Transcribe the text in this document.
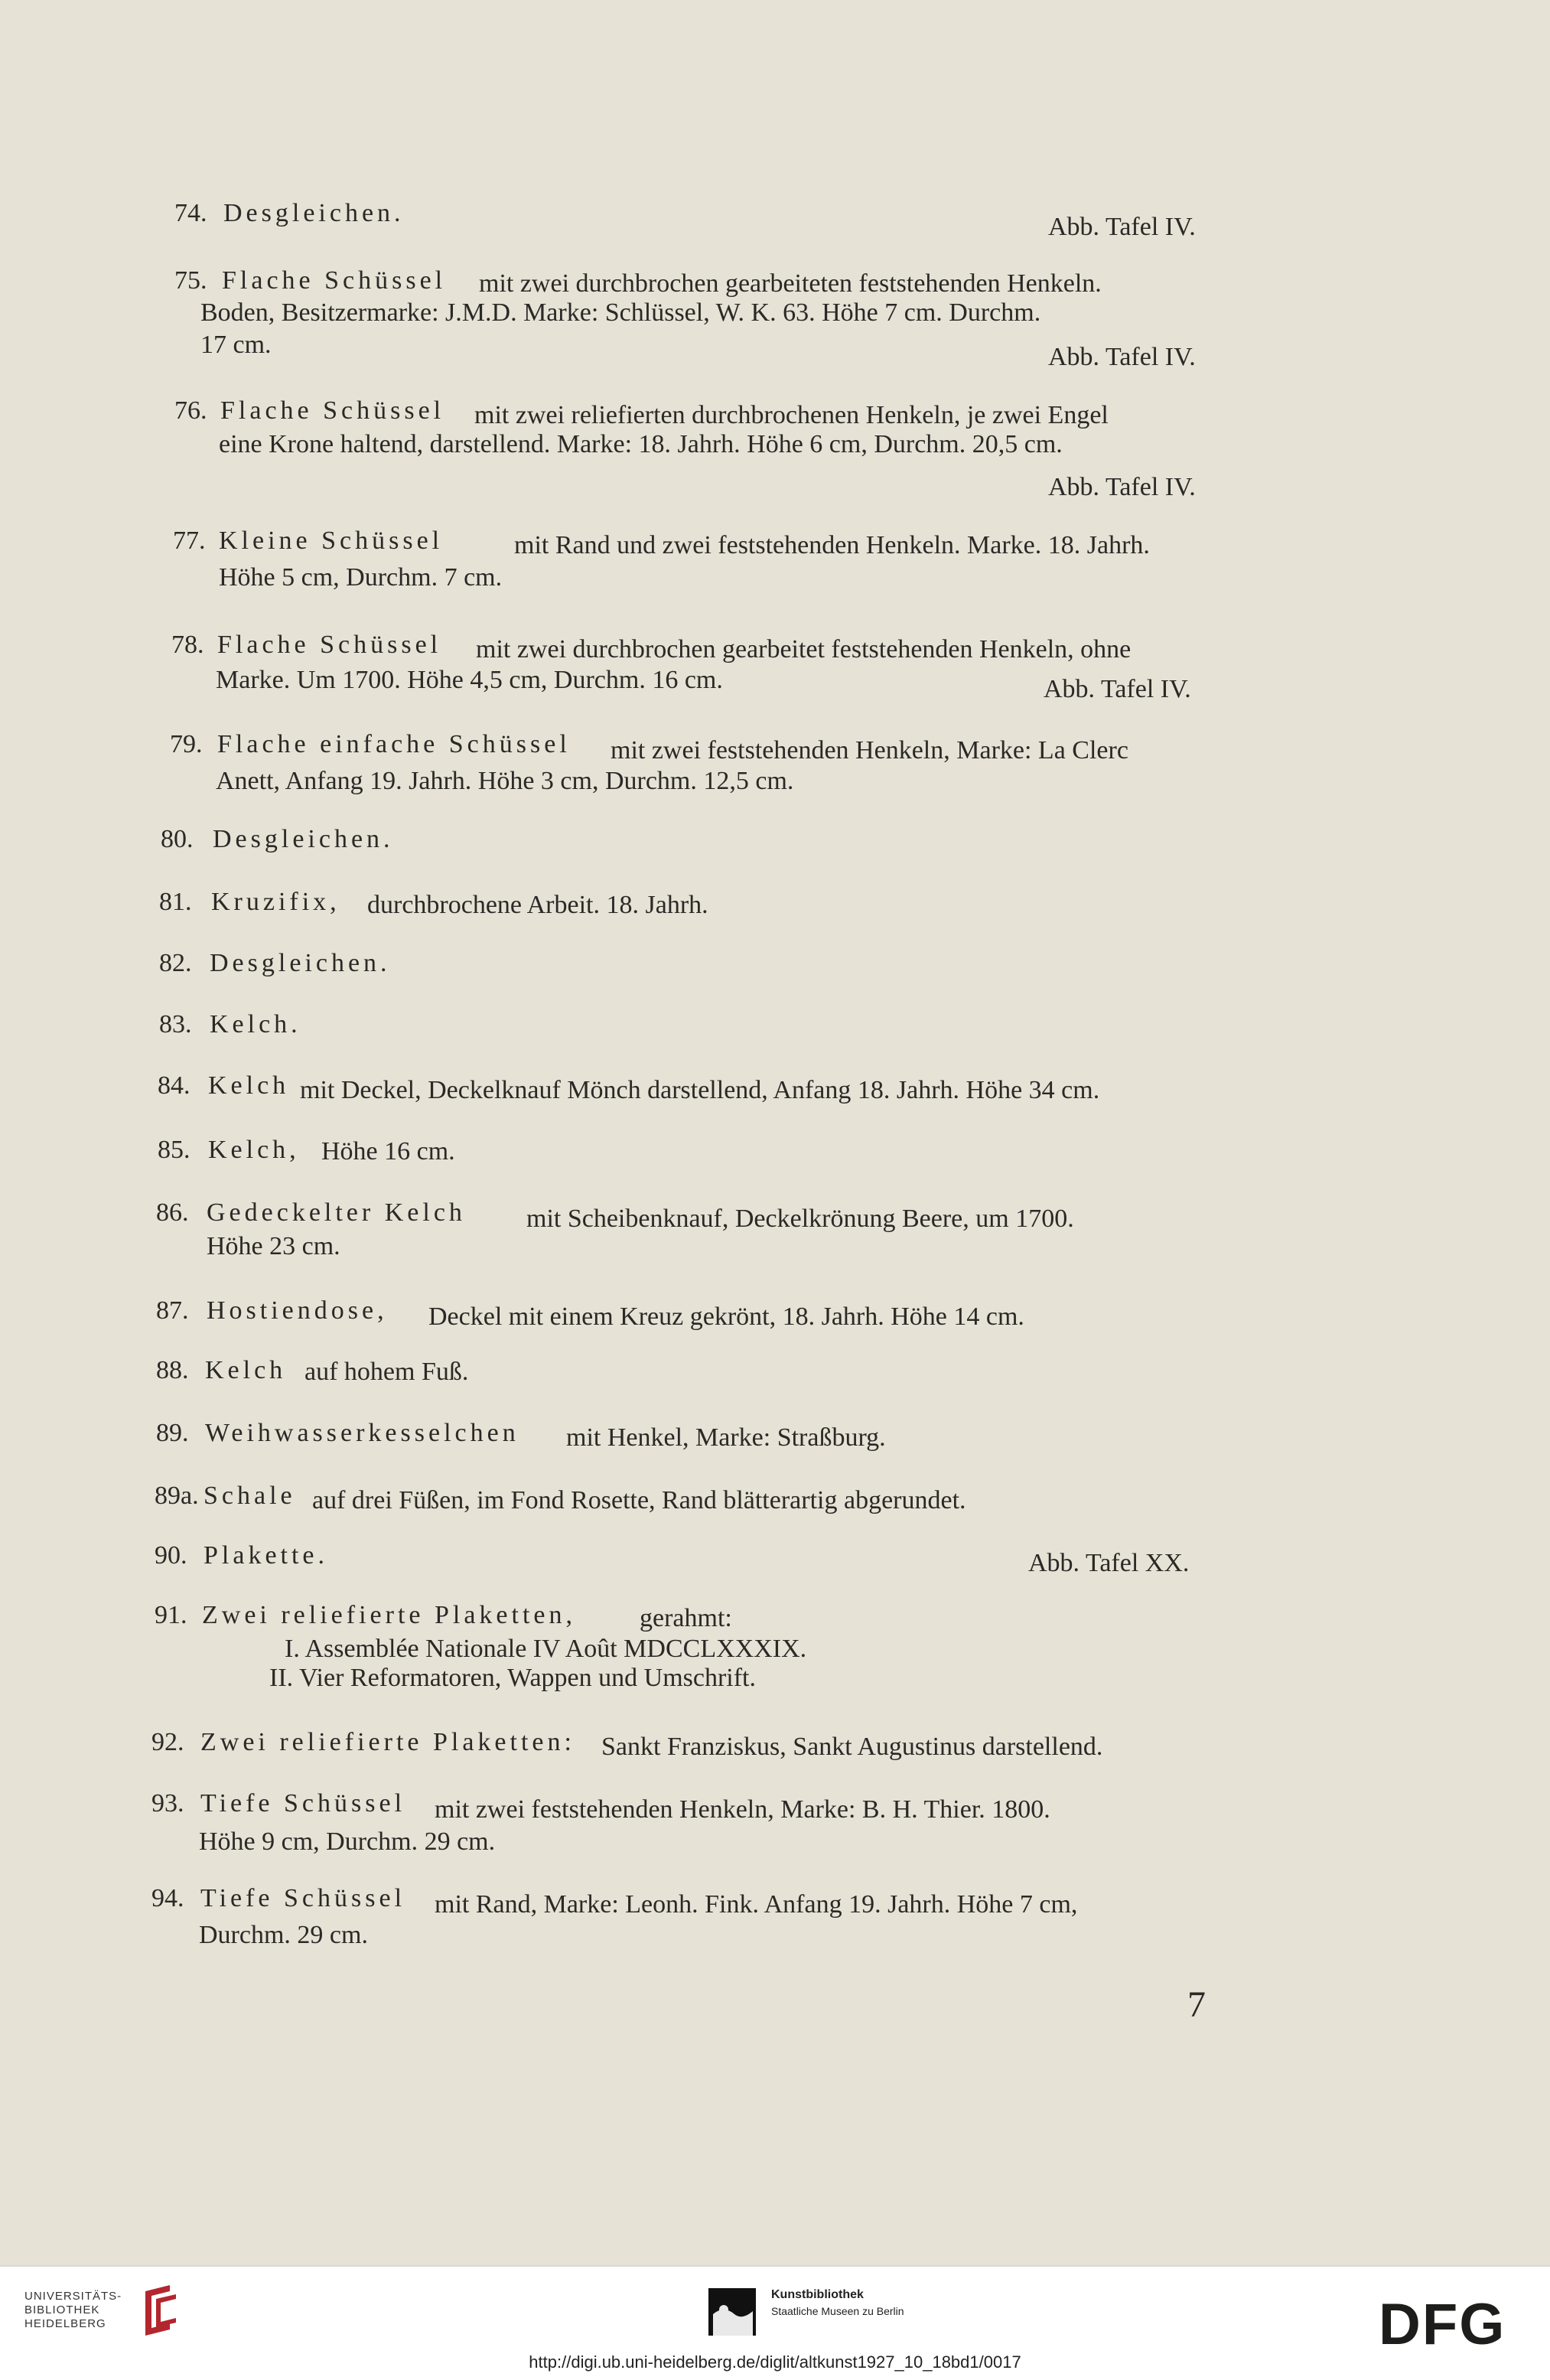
74. Desgleichen.	Abb. Tafel IV.
75. Flache Schüssel mit zwei durchbrochen gearbeiteten feststehenden Henkeln.
Boden, Besitzermarke: J.M.D. Marke: Schlüssel, W. K. 63. Höhe 7 cm. Durchm.
17 cm.	Abb. Tafel IV.
76. Flache Schüssel mit zwei reliefierten durchbrochenen Henkeln, je zwei Engel
eine Krone haltend, darstellend. Marke: 18. Jahrh. Höhe 6 cm, Durchm. 20,5 cm.
Abb. Tafel IV.
77. Kleine Schüssel	mit Rand und zwei feststehenden Henkeln. Marke. 18. Jahrh.
Höhe 5 cm, Durchm. 7 cm.
78. Flache Schüssel mit zwei durchbrochen gearbeitet feststehenden Henkeln, ohne
Marke. Um 1700. Höhe 4,5 cm, Durchm. 16 cm.	Abb. Tafel IV.
79. Flache einfache Schüssel mit zwei feststehenden Henkeln, Marke: La Clerc
Anett, Anfang 19. Jahrh. Höhe 3 cm, Durchm. 12,5 cm.
80. Desgleichen.
81. Kruzifix, durchbrochene Arbeit. 18. Jahrh.
82. Desgleichen.
83. Kelch.
84. Kelch mit Deckel, Deckelknauf Mönch darstellend, Anfang 18. Jahrh. Höhe 34 cm.
85. Kelch, Höhe 16 cm.
86. Gedeckelter Kelch mit Scheibenknauf, Deckelkrönung Beere, um 1700.
Höhe 23 cm.
87. Hostiendose, Deckel mit einem Kreuz gekrönt, 18. Jahrh. Höhe 14 cm.
88. Kelch auf hohem Fuß.
89. Weihwasserkesselchen mit Henkel, Marke: Straßburg.
89a. Schale auf drei Füßen, im Fond Rosette, Rand blätterartig abgerundet.
90. Plakette.	Abb. Tafel XX.
91. Zwei reliefierte Plaketten, gerahmt:
I. Assemblée Nationale IV Août MDCCLXXXIX.
II. Vier Reformatoren, Wappen und Umschrift.
92. Zwei reliefierte Plaketten: Sankt Franziskus, Sankt Augustinus darstellend.
93. Tiefe Schüssel mit zwei feststehenden Henkeln, Marke: B. H. Thier. 1800.
Höhe 9 cm, Durchm. 29 cm.
94. Tiefe Schüssel mit Rand, Marke: Leonh. Fink. Anfang 19. Jahrh. Höhe 7 cm,
Durchm. 29 cm.
7
UNIVERSITÄTS-
BIBLIOTHEK
HEIDELBERG
Kunstbibliothek
Staatliche Museen zu Berlin	DFG
http://digi.ub.uni-heidelberg.de/diglit/altkunst1927_10_18bd1/0017
